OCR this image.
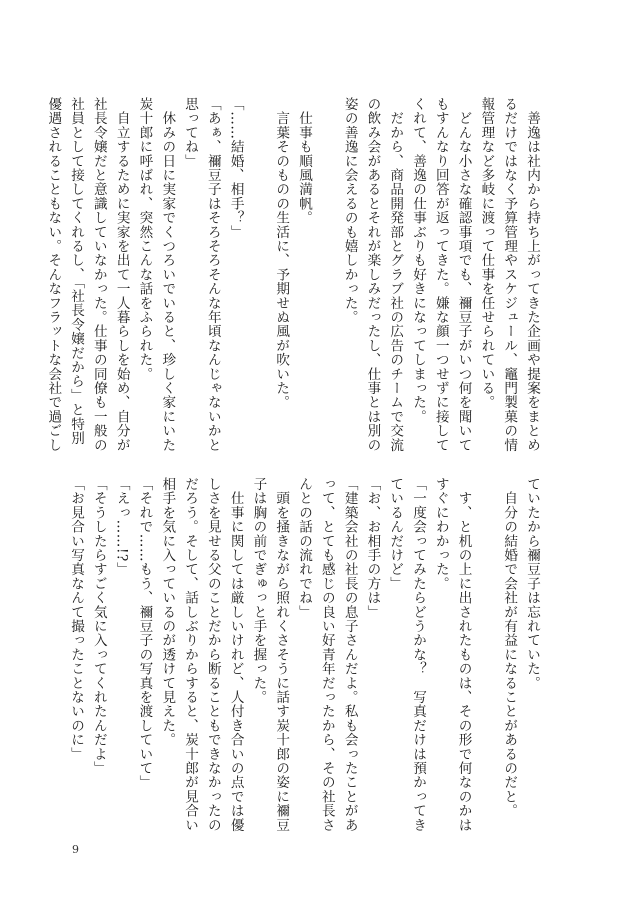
　善逸は社内から持ち上がってきた企画や提案をまとめ
るだけではなく予算管理やスケジュール、竈門製菓の情
報管理など多岐に渡って仕事を任せられている。
　どんな小さな確認事項でも、禰豆子がいつ何を聞いて
もすんなり回答が返ってきた。嫌な顔一つせずに接して
くれて、善逸の仕事ぶりも好きになってしまった。
　だから、商品開発部とグラブ社の広告のチームで交流
の飲み会があるとそれが楽しみだったし、仕事とは別の
姿の善逸に会えるのも嬉しかった。

　仕事も順風満帆。
　言葉そのものの生活に、予期せぬ風が吹いた。

「……結婚、相手？」
「あぁ、禰豆子はそろそろそんな年頃なんじゃないかと
思ってね」
　休みの日に実家でくつろいでいると、珍しく家にいた
炭十郎に呼ばれ、突然こんな話をふられた。
　自立するために実家を出て一人暮らしを始め、自分が
社長令嬢だと意識していなかった。仕事の同僚も一般の
社員として接してくれるし、「社長令嬢だから」と特別
優遇されることもない。そんなフラットな会社で過ごし
ていたから禰豆子は忘れていた。
　自分の結婚で会社が有益になることがあるのだと。

　す、と机の上に出されたものは、その形で何なのかは
すぐにわかった。
「一度会ってみたらどうかな？　写真だけは預かってき
ているんだけど」
「お、お相手の方は」
「建築会社の社長の息子さんだよ。私も会ったことがあ
って、とても感じの良い好青年だったから、その社長さ
んとの話の流れでね」
　頭を掻きながら照れくさそうに話す炭十郎の姿に禰豆
子は胸の前でぎゅっと手を握った。
　仕事に関しては厳しいけれど、人付き合いの点では優
しさを見せる父のことだから断ることもできなかったの
だろう。そして、話しぶりからすると、炭十郎が見合い
相手を気に入っているのが透けて見えた。
「それで……もう、禰豆子の写真を渡していて」
「えっ……!?」
「そうしたらすごく気に入ってくれたんだよ」
「お見合い写真なんて撮ったことないのに」
9
